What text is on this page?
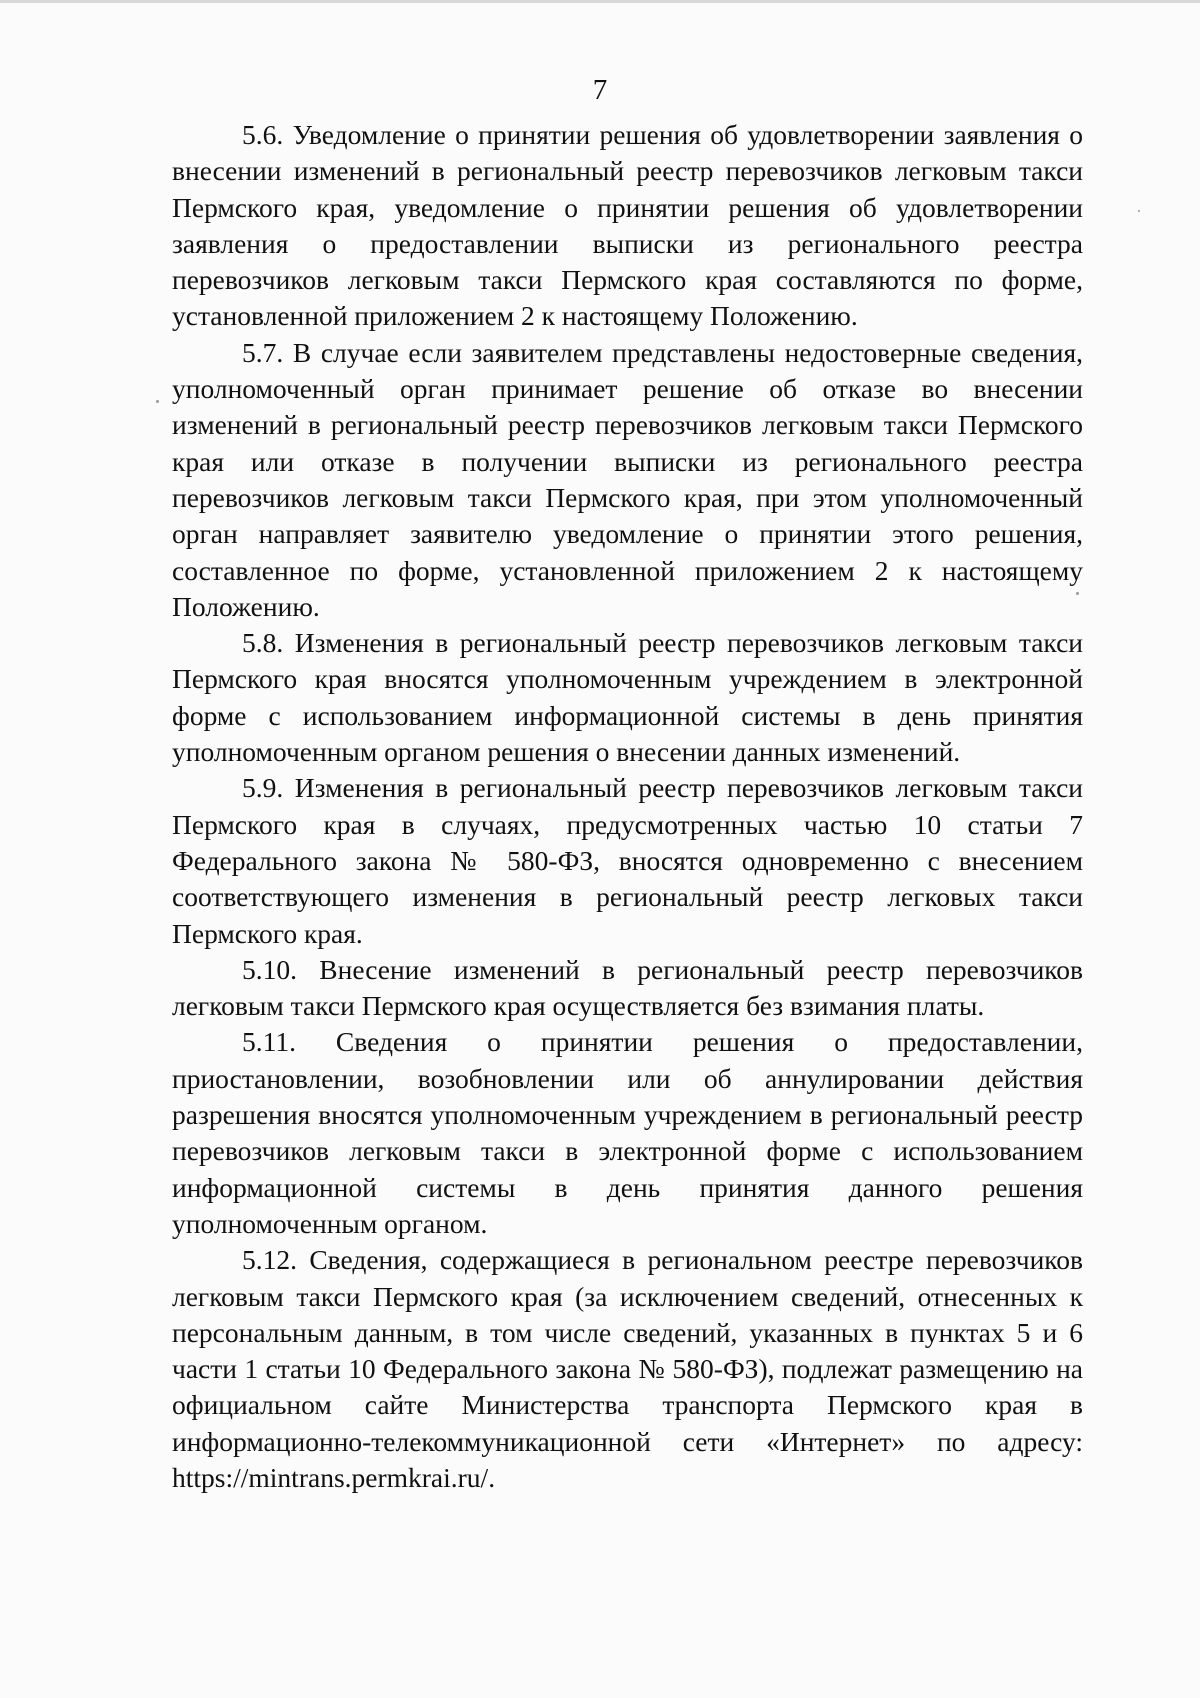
7

5.6. Уведомление о принятии решения об удовлетворении заявления о внесении изменений в региональный реестр перевозчиков легковым такси Пермского края, уведомление о принятии решения об удовлетворении заявления о предоставлении выписки из регионального реестра перевозчиков легковым такси Пермского края составляются по форме, установленной приложением 2 к настоящему Положению.

5.7. В случае если заявителем представлены недостоверные сведения, уполномоченный орган принимает решение об отказе во внесении изменений в региональный реестр перевозчиков легковым такси Пермского края или отказе в получении выписки из регионального реестра перевозчиков легковым такси Пермского края, при этом уполномоченный орган направляет заявителю уведомление о принятии этого решения, составленное по форме, установленной приложением 2 к настоящему Положению.

5.8. Изменения в региональный реестр перевозчиков легковым такси Пермского края вносятся уполномоченным учреждением в электронной форме с использованием информационной системы в день принятия уполномоченным органом решения о внесении данных изменений.

5.9. Изменения в региональный реестр перевозчиков легковым такси Пермского края в случаях, предусмотренных частью 10 статьи 7 Федерального закона № 580-ФЗ, вносятся одновременно с внесением соответствующего изменения в региональный реестр легковых такси Пермского края.

5.10. Внесение изменений в региональный реестр перевозчиков легковым такси Пермского края осуществляется без взимания платы.

5.11. Сведения о принятии решения о предоставлении, приостановлении, возобновлении или об аннулировании действия разрешения вносятся уполномоченным учреждением в региональный реестр перевозчиков легковым такси в электронной форме с использованием информационной системы в день принятия данного решения уполномоченным органом.

5.12. Сведения, содержащиеся в региональном реестре перевозчиков легковым такси Пермского края (за исключением сведений, отнесенных к персональным данным, в том числе сведений, указанных в пунктах 5 и 6 части 1 статьи 10 Федерального закона № 580-ФЗ), подлежат размещению на официальном сайте Министерства транспорта Пермского края в информационно-телекоммуникационной сети «Интернет» по адресу: https://mintrans.permkrai.ru/.
